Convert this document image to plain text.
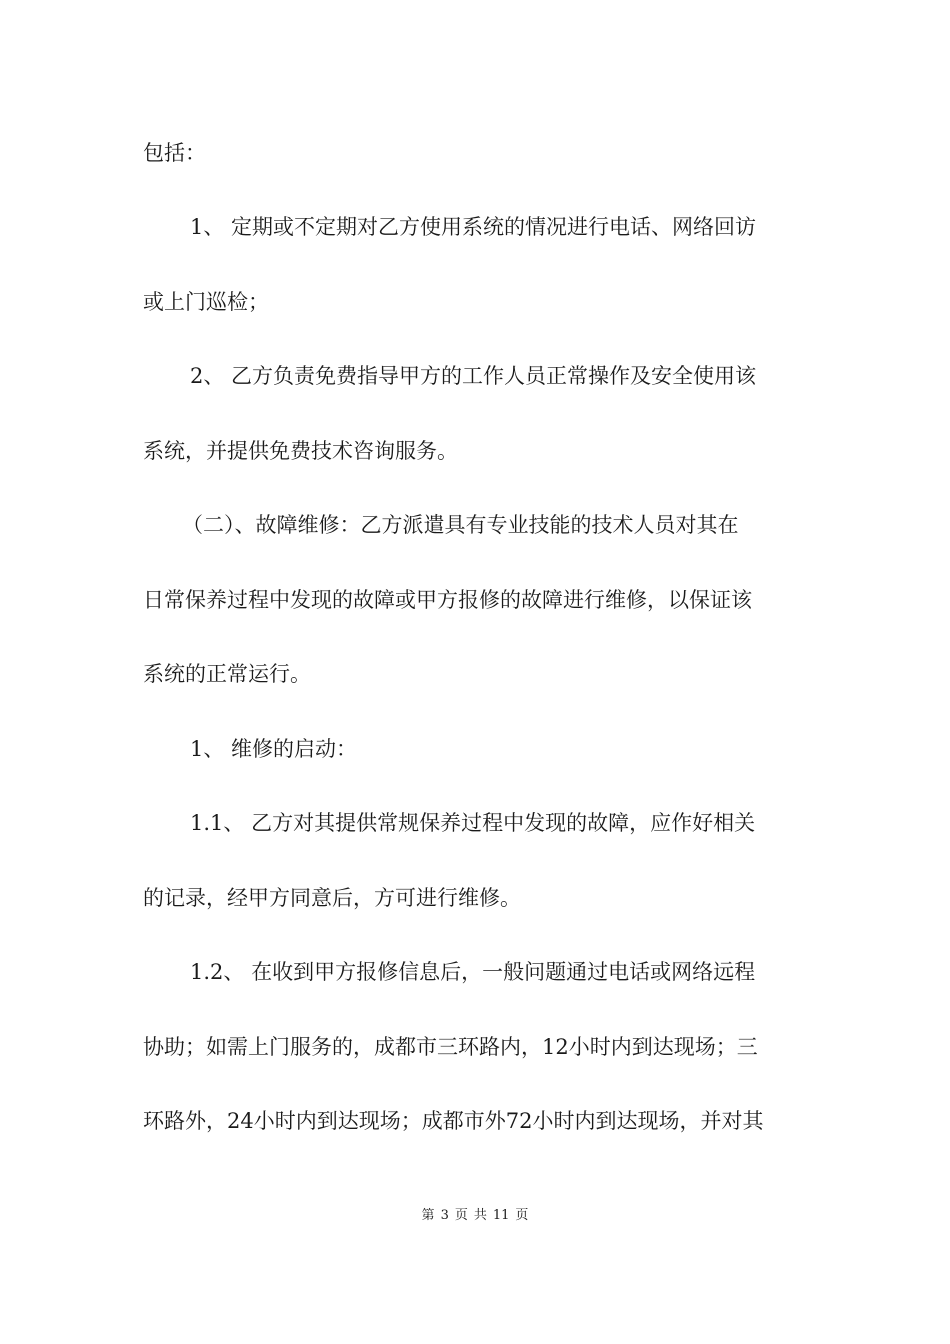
包括：
1、 定期或不定期对乙方使用系统的情况进行电话、网络回访
或上门巡检；
2、 乙方负责免费指导甲方的工作人员正常操作及安全使用该
系统，并提供免费技术咨询服务。
（二）、故障维修：乙方派遣具有专业技能的技术人员对其在
日常保养过程中发现的故障或甲方报修的故障进行维修，以保证该
系统的正常运行。
1、 维修的启动：
1.1、 乙方对其提供常规保养过程中发现的故障，应作好相关
的记录，经甲方同意后，方可进行维修。
1.2、 在收到甲方报修信息后，一般问题通过电话或网络远程
协助；如需上门服务的，成都市三环路内，12小时内到达现场；三
环路外，24小时内到达现场；成都市外72小时内到达现场，并对其
第 3 页 共 11 页
